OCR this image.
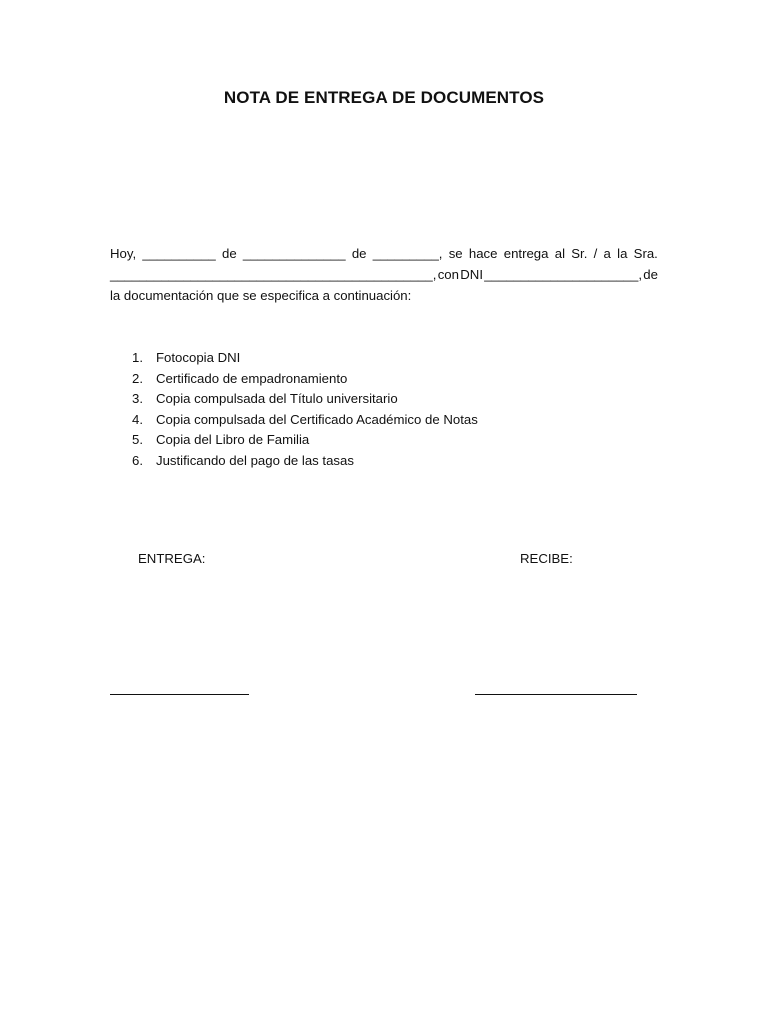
NOTA DE ENTREGA DE DOCUMENTOS
Hoy, __________ de ______________ de _________, se hace entrega al Sr. / a la Sra.
____________________________________________, con DNI _____________________, de
la documentación que se especifica a continuación:
1. Fotocopia DNI
2. Certificado de empadronamiento
3. Copia compulsada del Título universitario
4. Copia compulsada del Certificado Académico de Notas
5. Copia del Libro de Familia
6. Justificando del pago de las tasas
ENTREGA:	RECIBE:
